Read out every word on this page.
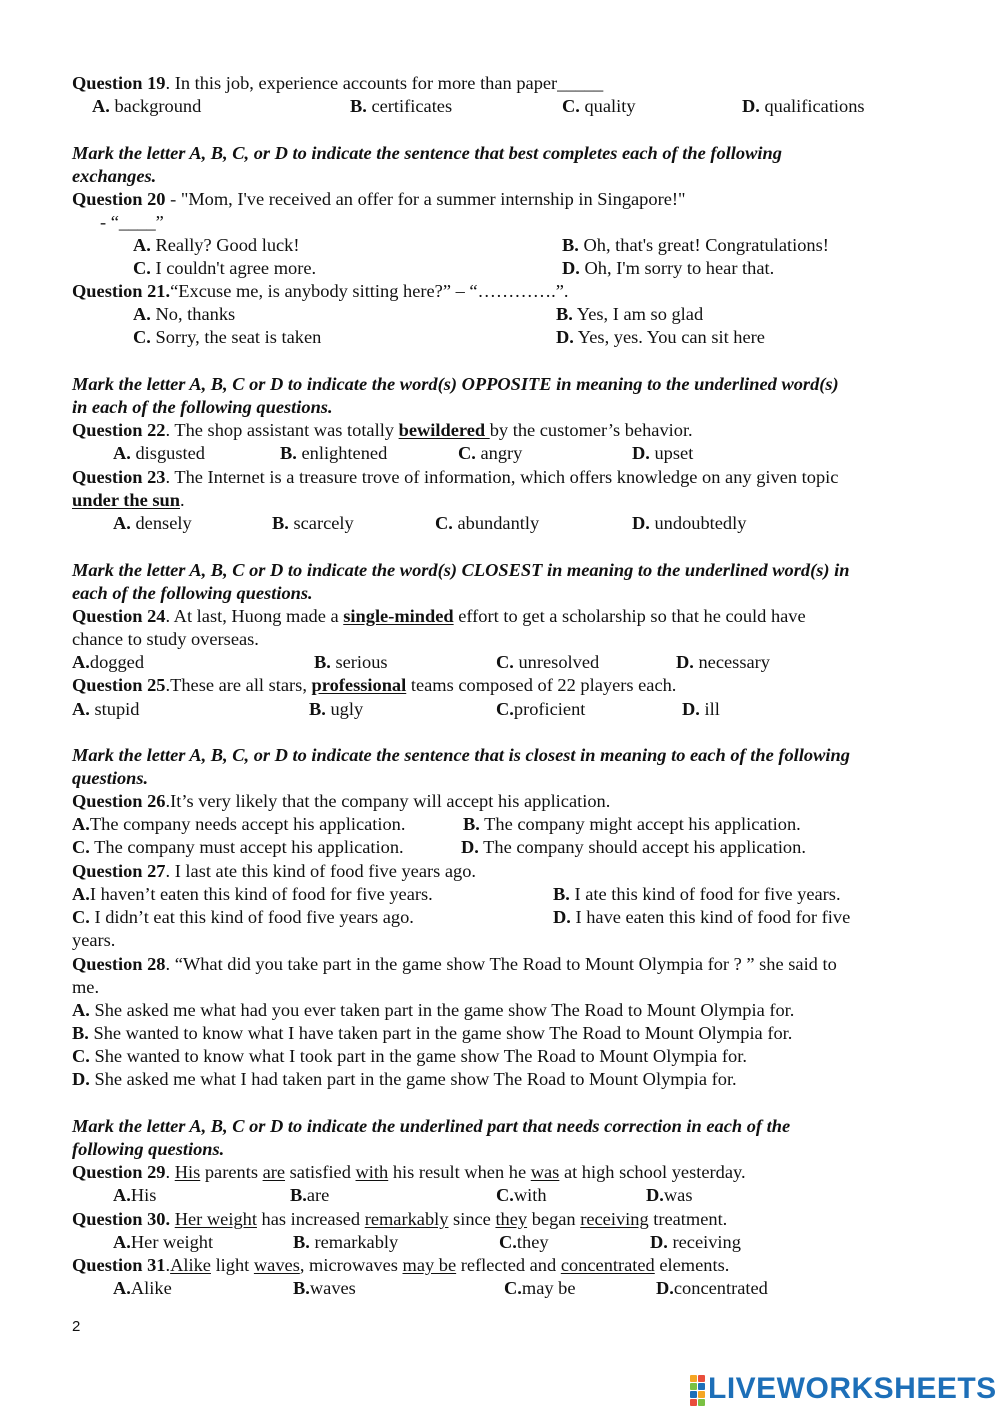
Question 19. In this job, experience accounts for more than paper_____
A. background	B. certificates	C. quality	D. qualifications
Mark the letter A, B, C, or D to indicate the sentence that best completes each of the following
exchanges.
Question 20 - "Mom, I've received an offer for a summer internship in Singapore!"
- “____”
A. Really? Good luck!	B. Oh, that's great! Congratulations!
C. I couldn't agree more.	D. Oh, I'm sorry to hear that.
Question 21.“Excuse me, is anybody sitting here?” – “………….”.
A. No, thanks	B. Yes, I am so glad
C. Sorry, the seat is taken	D. Yes, yes. You can sit here
Mark the letter A, B, C or D to indicate the word(s) OPPOSITE in meaning to the underlined word(s)
in each of the following questions.
Question 22. The shop assistant was totally bewildered by the customer’s behavior.
A. disgusted	B. enlightened	C. angry	D. upset
Question 23. The Internet is a treasure trove of information, which offers knowledge on any given topic
under the sun.
A. densely	B. scarcely	C. abundantly	D. undoubtedly
Mark the letter A, B, C or D to indicate the word(s) CLOSEST in meaning to the underlined word(s) in
each of the following questions.
Question 24. At last, Huong made a single-minded effort to get a scholarship so that he could have
chance to study overseas.
A.dogged	B. serious	C. unresolved	D. necessary
Question 25.These are all stars, professional teams composed of 22 players each.
A. stupid	B. ugly	C.proficient	D. ill
Mark the letter A, B, C, or D to indicate the sentence that is closest in meaning to each of the following
questions.
Question 26.It’s very likely that the company will accept his application.
A.The company needs accept his application.	B. The company might accept his application.
C. The company must accept his application.	D. The company should accept his application.
Question 27. I last ate this kind of food five years ago.
A.I haven’t eaten this kind of food for five years.	B. I ate this kind of food for five years.
C. I didn’t eat this kind of food five years ago.	D. I have eaten this kind of food for five
years.
Question 28. “What did you take part in the game show The Road to Mount Olympia for ? ” she said to
me.
A. She asked me what had you ever taken part in the game show The Road to Mount Olympia for.
B. She wanted to know what I have taken part in the game show The Road to Mount Olympia for.
C. She wanted to know what I took part in the game show The Road to Mount Olympia for.
D. She asked me what I had taken part in the game show The Road to Mount Olympia for.
Mark the letter A, B, C or D to indicate the underlined part that needs correction in each of the
following questions.
Question 29. His parents are satisfied with his result when he was at high school yesterday.
A.His	B.are	C.with	D.was
Question 30. Her weight has increased remarkably since they began receiving treatment.
A.Her weight	B. remarkably	C.they	D. receiving
Question 31.Alike light waves, microwaves may be reflected and concentrated elements.
A.Alike	B.waves	C.may be	D.concentrated
2
LIVEWORKSHEETS
